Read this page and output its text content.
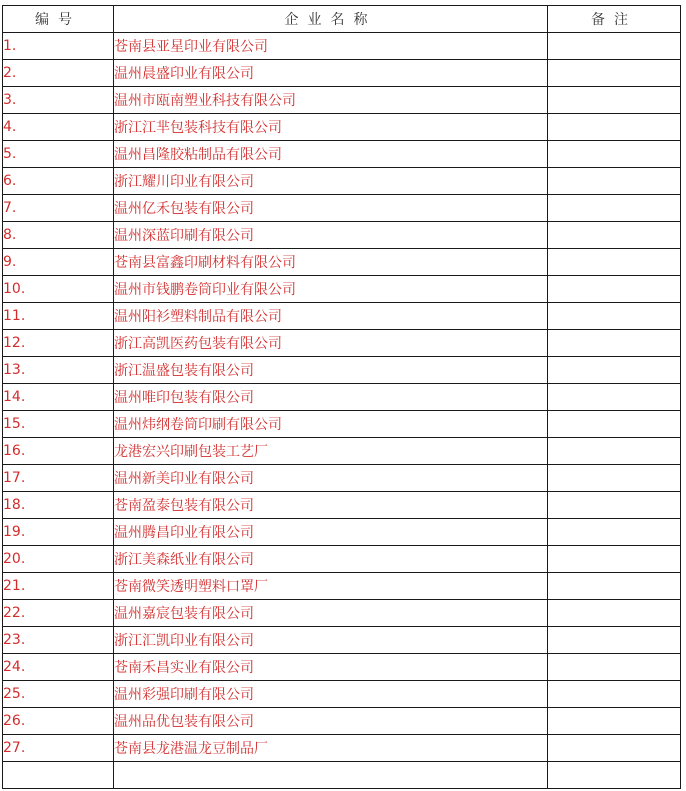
编号	企业名称	备注
1.	苍南县亚星印业有限公司	
2.	温州晨盛印业有限公司	
3.	温州市瓯南塑业科技有限公司	
4.	浙江江芈包装科技有限公司	
5.	温州昌隆胶粘制品有限公司	
6.	浙江耀川印业有限公司	
7.	温州亿禾包装有限公司	
8.	温州深蓝印刷有限公司	
9.	苍南县富鑫印刷材料有限公司	
10.	温州市钱鹏卷筒印业有限公司	
11.	温州阳衫塑料制品有限公司	
12.	浙江高凯医药包装有限公司	
13.	浙江温盛包装有限公司	
14.	温州唯印包装有限公司	
15.	温州炜纲卷筒印刷有限公司	
16.	龙港宏兴印刷包装工艺厂	
17.	温州新美印业有限公司	
18.	苍南盈泰包装有限公司	
19.	温州腾昌印业有限公司	
20.	浙江美森纸业有限公司	
21.	苍南微笑透明塑料口罩厂	
22.	温州嘉宸包装有限公司	
23.	浙江汇凯印业有限公司	
24.	苍南禾昌实业有限公司	
25.	温州彩强印刷有限公司	
26.	温州品优包装有限公司	
27.	苍南县龙港温龙豆制品厂	
